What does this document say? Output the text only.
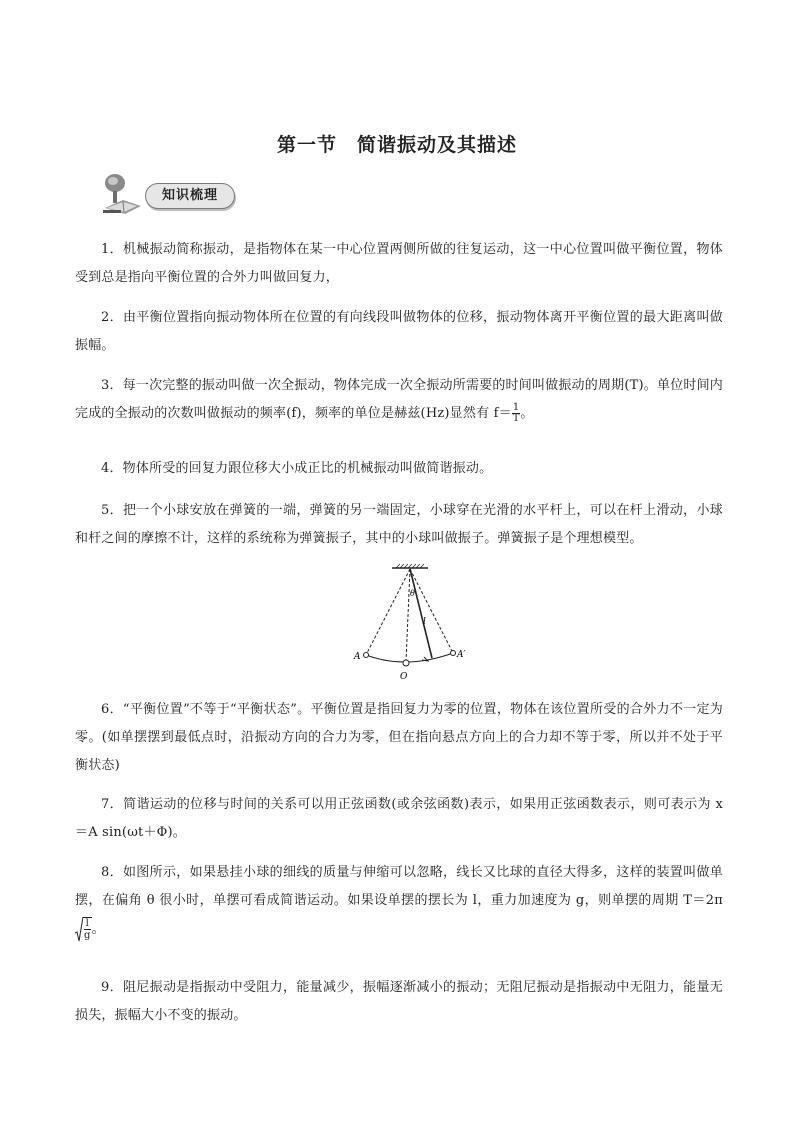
第一节　简谐振动及其描述
知识梳理
1．机械振动简称振动，是指物体在某一中心位置两侧所做的往复运动，这一中心位置叫做平衡位置，物体受到总是指向平衡位置的合外力叫做回复力，
2．由平衡位置指向振动物体所在位置的有向线段叫做物体的位移，振动物体离开平衡位置的最大距离叫做振幅。
3．每一次完整的振动叫做一次全振动，物体完成一次全振动所需要的时间叫做振动的周期(T)。单位时间内完成的全振动的次数叫做振动的频率(f)，频率的单位是赫兹(Hz)显然有 $f= \frac{1}{T}$ 。
4．物体所受的回复力跟位移大小成正比的机械振动叫做简谐振动。
5．把一个小球安放在弹簧的一端，弹簧的另一端固定，小球穿在光滑的水平杆上，可以在杆上滑动，小球和杆之间的摩擦不计，这样的系统称为弹簧振子，其中的小球叫做振子。弹簧振子是个理想模型。
A	A′
O
θ
l
6．“平衡位置”不等于“平衡状态”。平衡位置是指回复力为零的位置，物体在该位置所受的合外力不一定为零。(如单摆摆到最低点时，沿振动方向的合力为零，但在指向悬点方向上的合力却不等于零，所以并不处于平衡状态)
7．简谐运动的位移与时间的关系可以用正弦函数(或余弦函数)表示，如果用正弦函数表示，则可表示为 x＝A sin(ωt＋Φ)。
8．如图所示，如果悬挂小球的细线的质量与伸缩可以忽略，线长又比球的直径大得多，这样的装置叫做单摆，在偏角 θ 很小时，单摆可看成简谐运动。如果设单摆的摆长为 l，重力加速度为 g，则单摆的周期 T＝2π
$\frac{l}{g}$ 。
9．阻尼振动是指振动中受阻力，能量减少，振幅逐渐减小的振动；无阻尼振动是指振动中无阻力，能量无损失，振幅大小不变的振动。
